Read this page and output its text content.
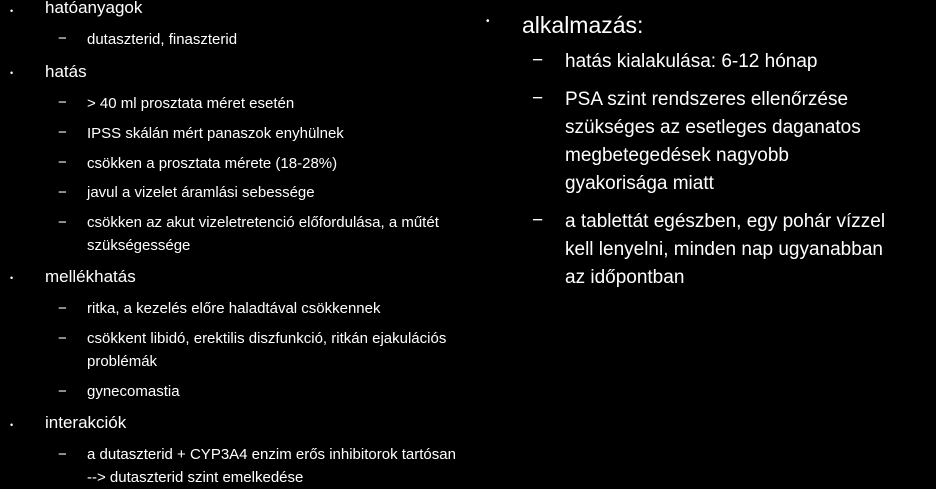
• hatóanyagok
− dutaszterid, finaszterid
• hatás
− > 40 ml prosztata méret esetén
− IPSS skálán mért panaszok enyhülnek
− csökken a prosztata mérete (18-28%)
− javul a vizelet áramlási sebessége
− csökken az akut vizeletretenció előfordulása, a műtét szükségessége
• mellékhatás
− ritka, a kezelés előre haladtával csökkennek
− csökkent libidó, erektilis diszfunkció, ritkán ejakulációs problémák
− gynecomastia
• interakciók
− a dutaszterid + CYP3A4 enzim erős inhibitorok tartósan --> dutaszterid szint emelkedése
• alkalmazás:
− hatás kialakulása: 6-12 hónap
− PSA szint rendszeres ellenőrzése szükséges az esetleges daganatos megbetegedések nagyobb gyakorisága miatt
− a tablettát egészben, egy pohár vízzel kell lenyelni, minden nap ugyanabban az időpontban
